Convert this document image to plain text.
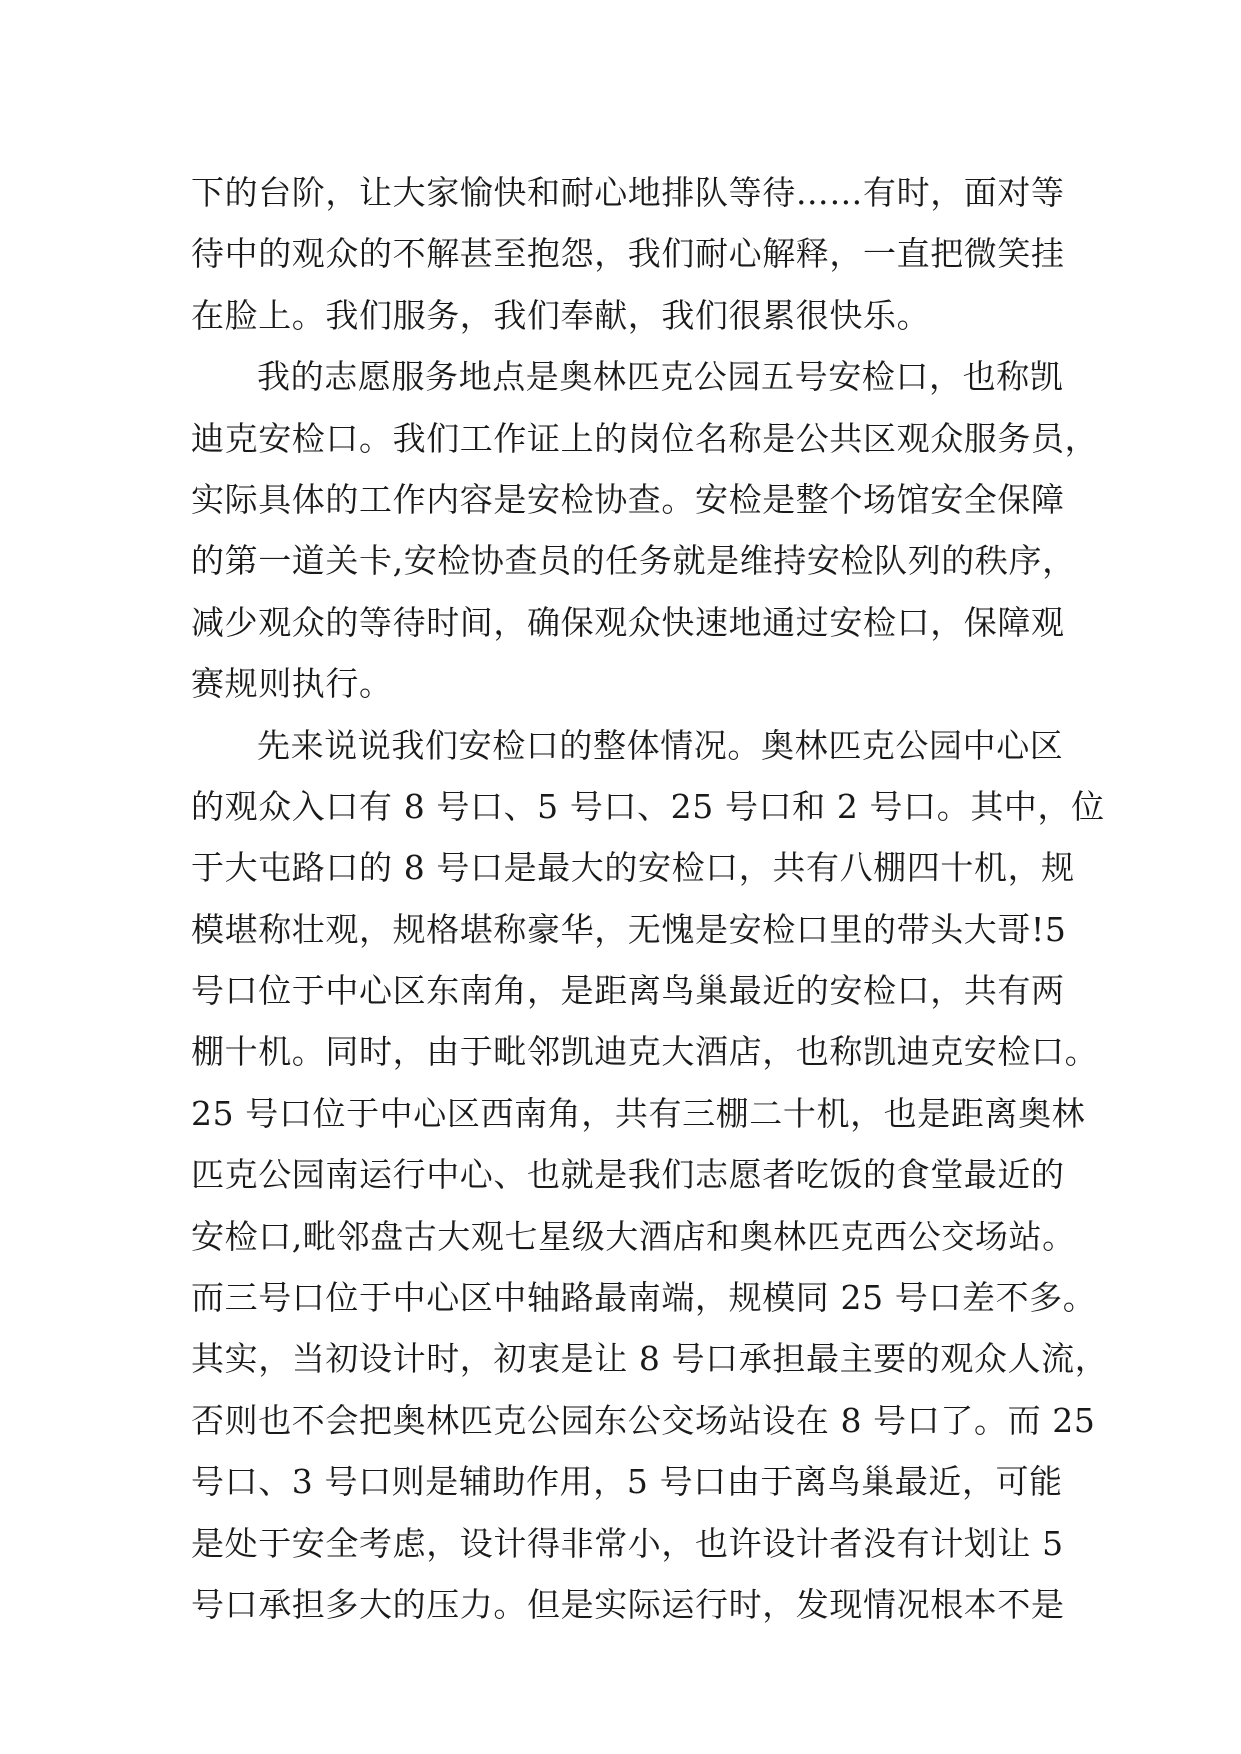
下的台阶，让大家愉快和耐心地排队等待……有时，面对等
待中的观众的不解甚至抱怨，我们耐心解释，一直把微笑挂
在脸上。我们服务，我们奉献，我们很累很快乐。
我的志愿服务地点是奥林匹克公园五号安检口，也称凯
迪克安检口。我们工作证上的岗位名称是公共区观众服务员，
实际具体的工作内容是安检协查。安检是整个场馆安全保障
的第一道关卡,安检协查员的任务就是维持安检队列的秩序，
减少观众的等待时间，确保观众快速地通过安检口，保障观
赛规则执行。
先来说说我们安检口的整体情况。奥林匹克公园中心区
的观众入口有 8 号口、5 号口、25 号口和 2 号口。其中，位
于大屯路口的 8 号口是最大的安检口，共有八棚四十机，规
模堪称壮观，规格堪称豪华，无愧是安检口里的带头大哥!5
号口位于中心区东南角，是距离鸟巢最近的安检口，共有两
棚十机。同时，由于毗邻凯迪克大酒店，也称凯迪克安检口。
25 号口位于中心区西南角，共有三棚二十机，也是距离奥林
匹克公园南运行中心、也就是我们志愿者吃饭的食堂最近的
安检口,毗邻盘古大观七星级大酒店和奥林匹克西公交场站。
而三号口位于中心区中轴路最南端，规模同 25 号口差不多。
其实，当初设计时，初衷是让 8 号口承担最主要的观众人流，
否则也不会把奥林匹克公园东公交场站设在 8 号口了。而 25
号口、3 号口则是辅助作用，5 号口由于离鸟巢最近，可能
是处于安全考虑，设计得非常小，也许设计者没有计划让 5
号口承担多大的压力。但是实际运行时，发现情况根本不是
